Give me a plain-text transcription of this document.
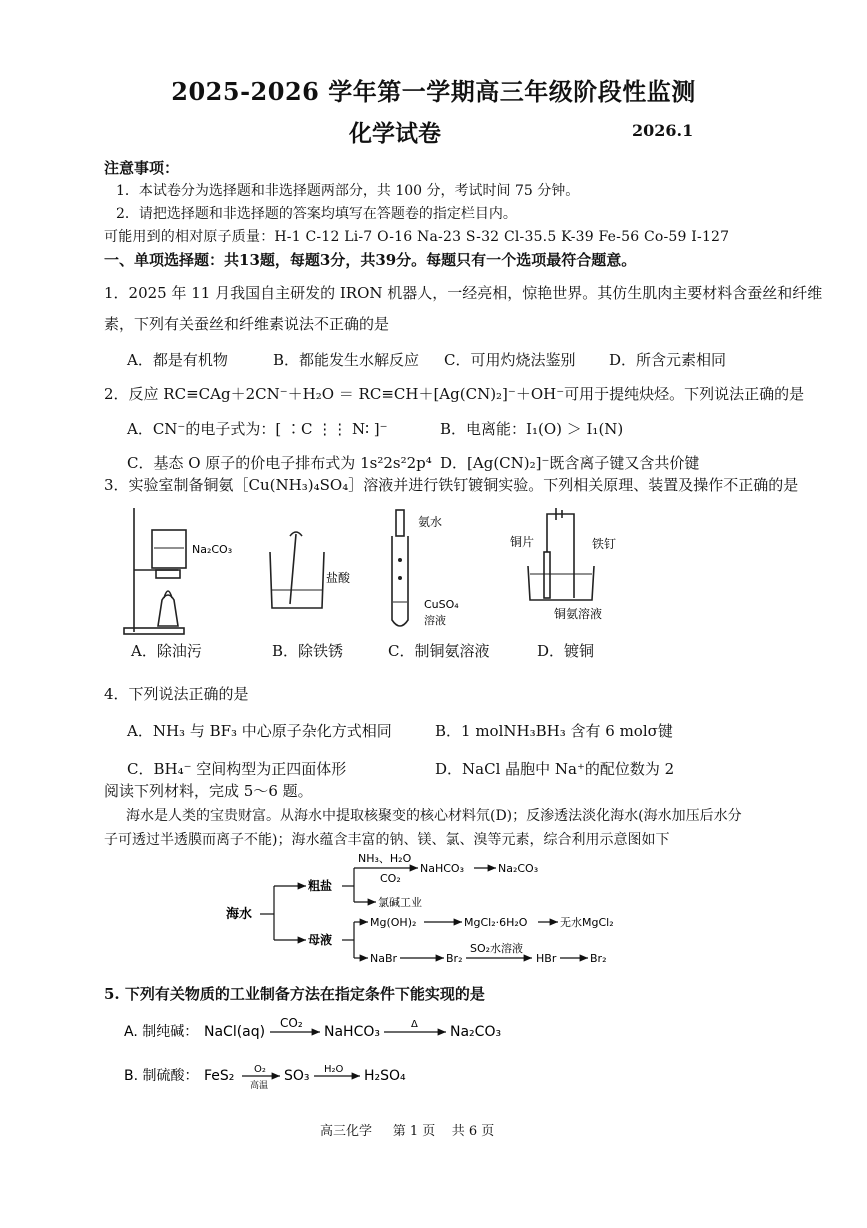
2025-2026 学年第一学期高三年级阶段性监测
化学试卷	2026.1
注意事项：
1．本试卷分为选择题和非选择题两部分，共 100 分，考试时间 75 分钟。
2．请把选择题和非选择题的答案均填写在答题卷的指定栏目内。
可能用到的相对原子质量：H-1 C-12 Li-7 O-16 Na-23 S-32 Cl-35.5 K-39 Fe-56 Co-59 I-127
一、单项选择题：共13题，每题3分，共39分。每题只有一个选项最符合题意。
1．2025 年 11 月我国自主研发的 IRON 机器人，一经亮相，惊艳世界。其仿生肌肉主要材料含蚕丝和纤维
素，下列有关蚕丝和纤维素说法不正确的是
A．都是有机物	B．都能发生水解反应 C．可用灼烧法鉴别 D．所含元素相同
2．反应 RC≡CAg＋2CN⁻＋H₂O ＝ RC≡CH＋[Ag(CN)₂]⁻＋OH⁻可用于提纯炔烃。下列说法正确的是
A．CN⁻的电子式为：[ ∶C ⋮⋮ N∶ ]⁻	B．电离能：I₁(O) ＞ I₁(N)
C．基态 O 原子的价电子排布式为 1s²2s²2p⁴ D．[Ag(CN)₂]⁻既含离子键又含共价键
3．实验室制备铜氨［Cu(NH₃)₄SO₄］溶液并进行铁钉镀铜实验。下列相关原理、装置及操作不正确的是
Na₂CO₃
盐酸
氨水
CuSO₄
溶液
铜片	铁钉
铜氨溶液
A．除油污	B．除铁锈	C．制铜氨溶液	D．镀铜
4．下列说法正确的是
A．NH₃ 与 BF₃ 中心原子杂化方式相同	B．1 molNH₃BH₃ 含有 6 molσ键
C．BH₄⁻ 空间构型为正四面体形	D．NaCl 晶胞中 Na⁺的配位数为 2
阅读下列材料，完成 5～6 题。
海水是人类的宝贵财富。从海水中提取核聚变的核心材料氘(D)；反渗透法淡化海水(海水加压后水分
子可透过半透膜而离子不能)；海水蕴含丰富的钠、镁、氯、溴等元素，综合利用示意图如下
海水
粗盐
母液
NH₃、H₂O
CO₂
NaHCO₃	Na₂CO₃
氯碱工业
Mg(OH)₂	MgCl₂·6H₂O	无水MgCl₂
NaBr	Br₂
SO₂水溶液
HBr	Br₂
5. 下列有关物质的工业制备方法在指定条件下能实现的是
A. 制纯碱： NaCl(aq)
CO₂
NaHCO₃	Δ Na₂CO₃
B. 制硫酸： FeS₂ O₂
高温
SO₃ H₂O H₂SO₄
高三化学 第 1 页 共 6 页
